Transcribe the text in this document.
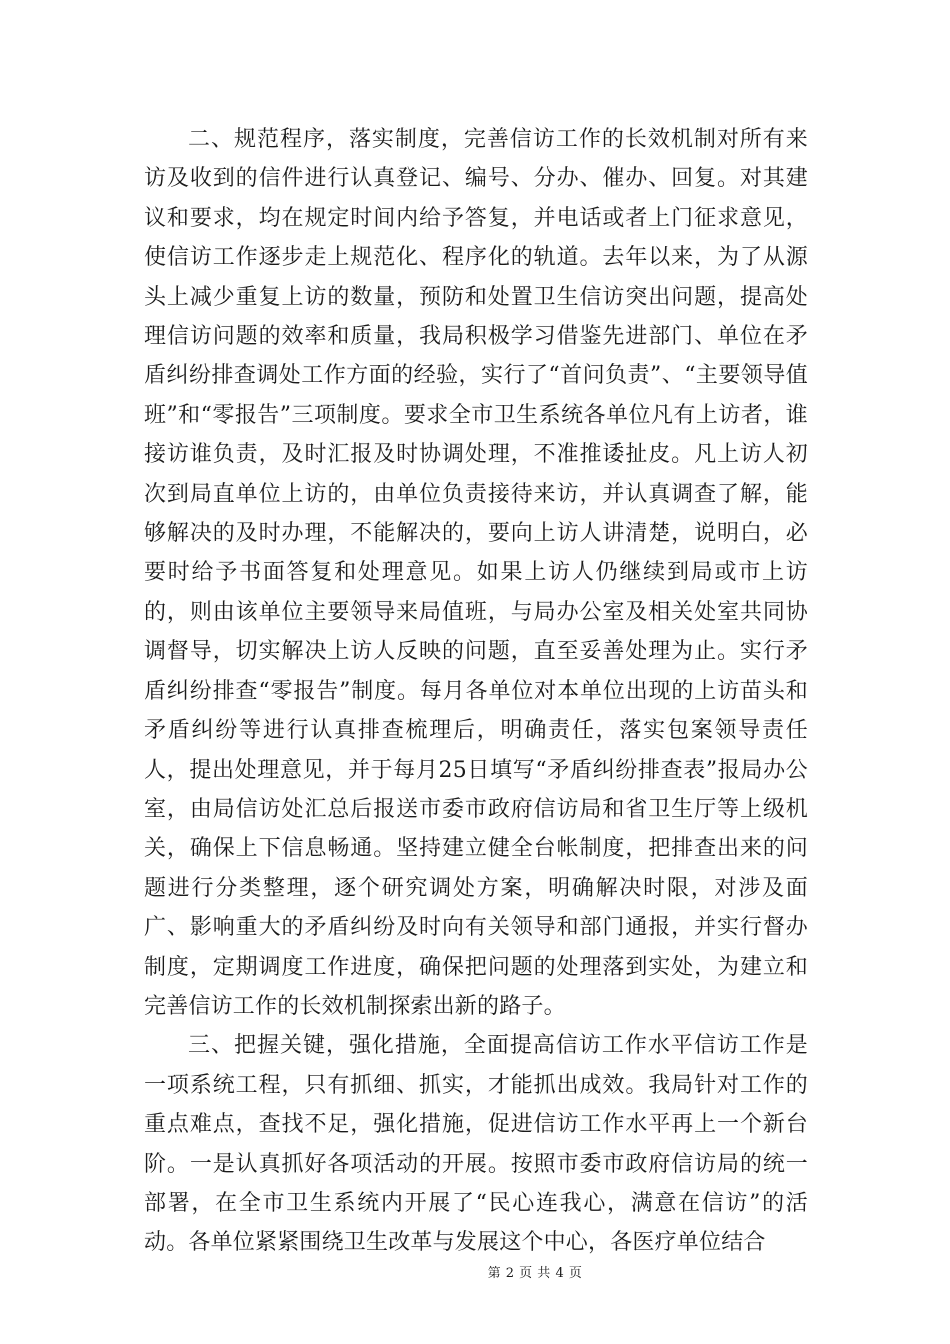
二、规范程序，落实制度，完善信访工作的长效机制对所有来访及收到的信件进行认真登记、编号、分办、催办、回复。对其建议和要求，均在规定时间内给予答复，并电话或者上门征求意见，使信访工作逐步走上规范化、程序化的轨道。去年以来，为了从源头上减少重复上访的数量，预防和处置卫生信访突出问题，提高处理信访问题的效率和质量，我局积极学习借鉴先进部门、单位在矛盾纠纷排查调处工作方面的经验，实行了“首问负责”、“主要领导值班”和“零报告”三项制度。要求全市卫生系统各单位凡有上访者，谁接访谁负责，及时汇报及时协调处理，不准推诿扯皮。凡上访人初次到局直单位上访的，由单位负责接待来访，并认真调查了解，能够解决的及时办理，不能解决的，要向上访人讲清楚，说明白，必要时给予书面答复和处理意见。如果上访人仍继续到局或市上访的，则由该单位主要领导来局值班，与局办公室及相关处室共同协调督导，切实解决上访人反映的问题，直至妥善处理为止。实行矛盾纠纷排查“零报告”制度。每月各单位对本单位出现的上访苗头和矛盾纠纷等进行认真排查梳理后，明确责任，落实包案领导责任人，提出处理意见，并于每月25日填写“矛盾纠纷排查表”报局办公室，由局信访处汇总后报送市委市政府信访局和省卫生厅等上级机关，确保上下信息畅通。坚持建立健全台帐制度，把排查出来的问题进行分类整理，逐个研究调处方案，明确解决时限，对涉及面广、影响重大的矛盾纠纷及时向有关领导和部门通报，并实行督办制度，定期调度工作进度，确保把问题的处理落到实处，为建立和完善信访工作的长效机制探索出新的路子。

三、把握关键，强化措施，全面提高信访工作水平信访工作是一项系统工程，只有抓细、抓实，才能抓出成效。我局针对工作的重点难点，查找不足，强化措施，促进信访工作水平再上一个新台阶。一是认真抓好各项活动的开展。按照市委市政府信访局的统一部署，在全市卫生系统内开展了“民心连我心，满意在信访”的活动。各单位紧紧围绕卫生改革与发展这个中心，各医疗单位结合

第 2 页 共 4 页
